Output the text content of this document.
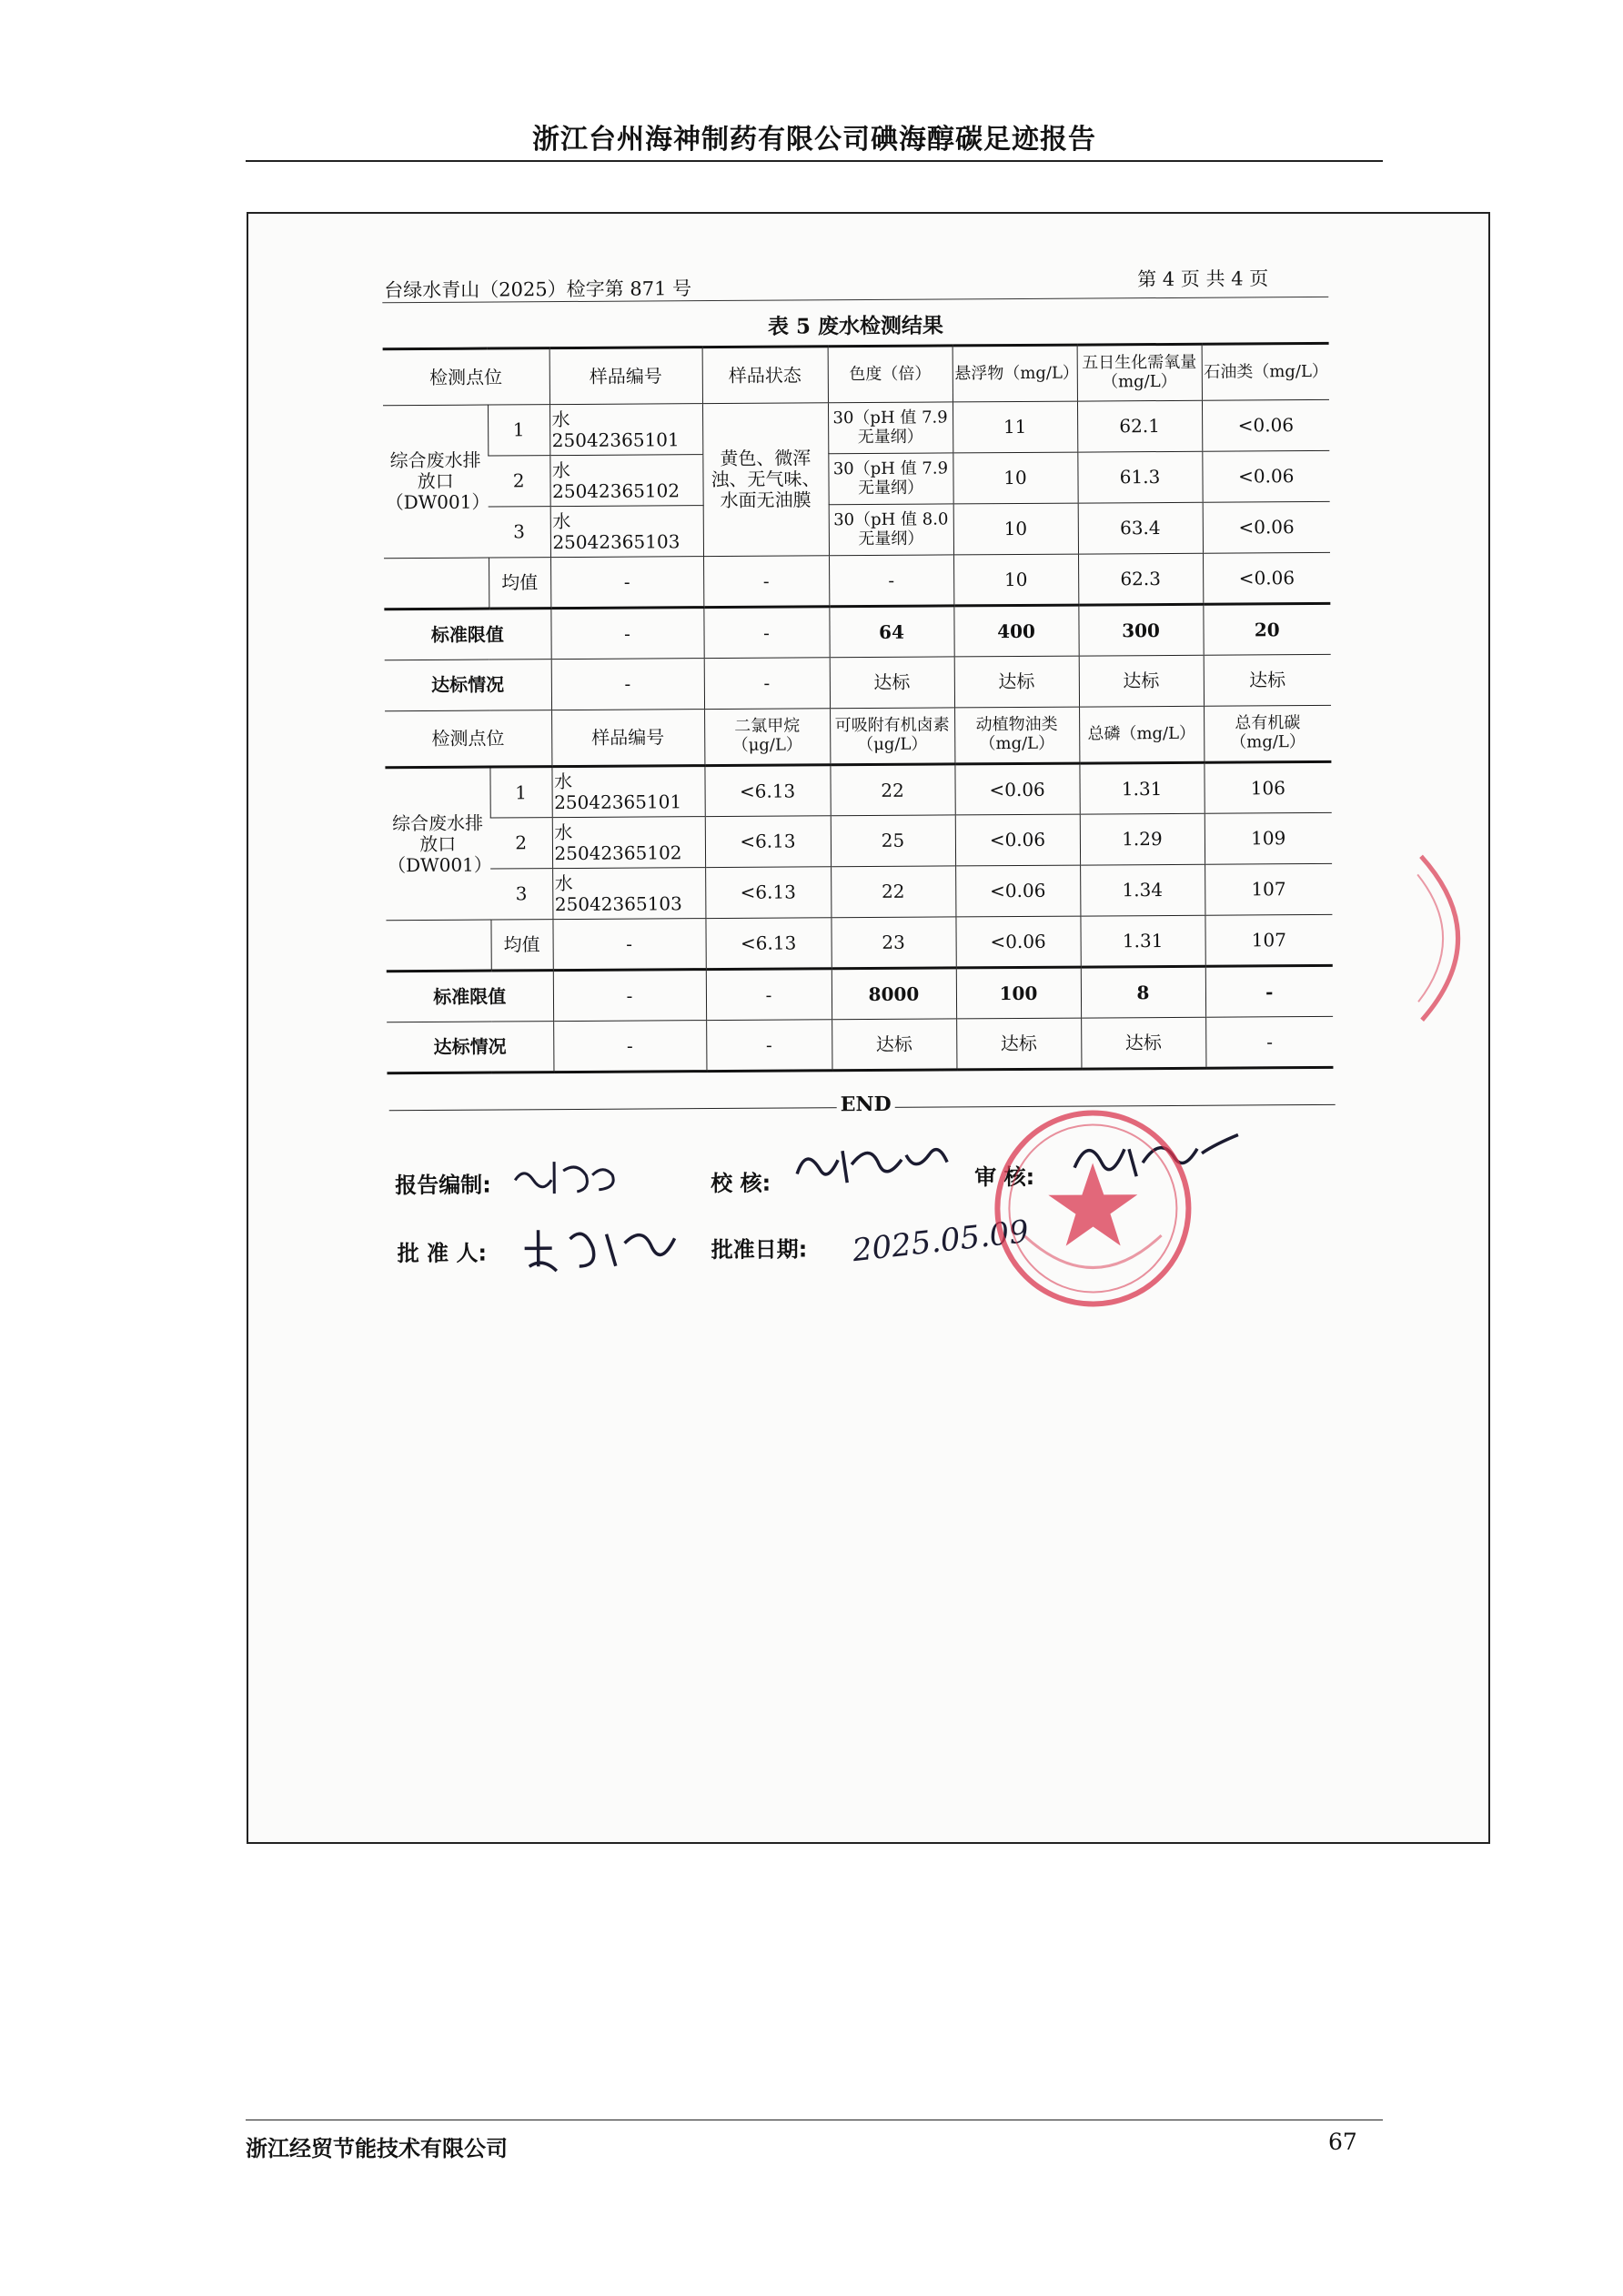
浙江台州海神制药有限公司碘海醇碳足迹报告
台绿水青山（2025）检字第 871 号	第 4 页 共 4 页
表 5 废水检测结果
检测点位		样品编号	样品状态	色度（倍）	悬浮物（mg/L）	五日生化需氧量（mg/L）	石油类（mg/L）
综合废水排放口（DW001）	1	水 25042365101	黄色、微浑浊、无气味、水面无油膜	30（pH 值 7.9 无量纲）	11	62.1	<0.06
	2	水 25042365102		30（pH 值 7.9 无量纲）	10	61.3	<0.06
	3	水 25042365103		30（pH 值 8.0 无量纲）	10	63.4	<0.06
	均值	-	-	-	10	62.3	<0.06
标准限值		-	-	64	400	300	20
达标情况		-	-	达标	达标	达标	达标
检测点位		样品编号	二氯甲烷（μg/L）	可吸附有机卤素（μg/L）	动植物油类（mg/L）	总磷（mg/L）	总有机碳（mg/L）
综合废水排放口（DW001）	1	水 25042365101	<6.13	22	<0.06	1.31	106
	2	水 25042365102	<6.13	25	<0.06	1.29	109
	3	水 25042365103	<6.13	22	<0.06	1.34	107
	均值	-	<6.13	23	<0.06	1.31	107
标准限值		-	-	8000	100	8	-
达标情况		-	-	达标	达标	达标	-
END
报告编制:	校 核:	审 核:
批 准 人:	批准日期: 2025.05.09
浙江经贸节能技术有限公司	67
